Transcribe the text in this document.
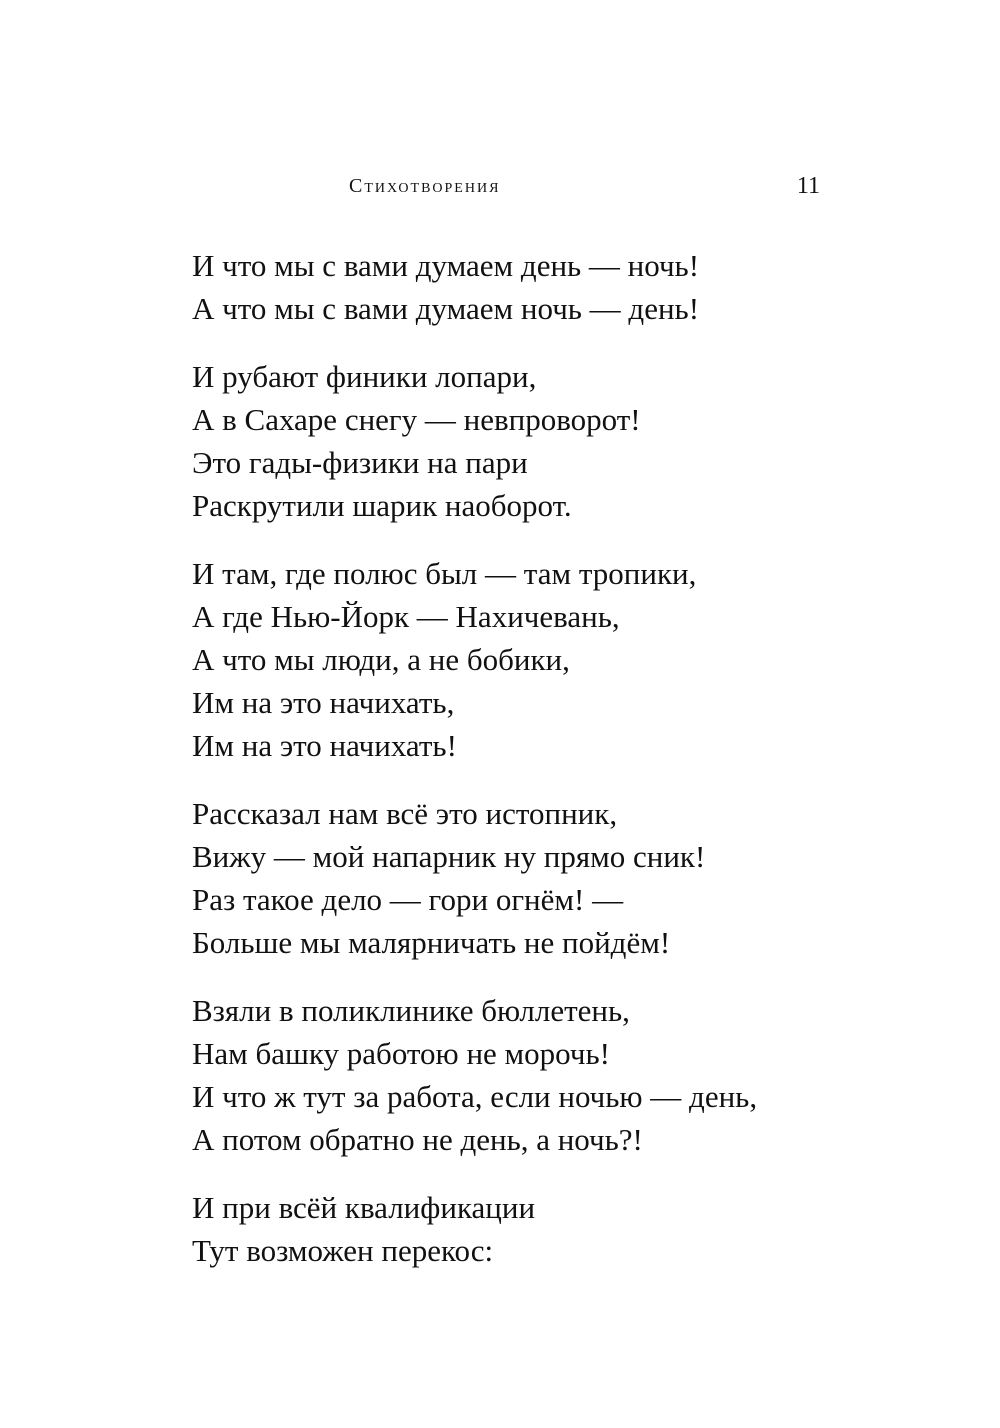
Стихотворения	11
И что мы с вами думаем день — ночь!
А что мы с вами думаем ночь — день!
И рубают финики лопари,
А в Сахаре снегу — невпроворот!
Это гады-физики на пари
Раскрутили шарик наоборот.
И там, где полюс был — там тропики,
А где Нью-Йорк — Нахичевань,
А что мы люди, а не бобики,
Им на это начихать,
Им на это начихать!
Рассказал нам всё это истопник,
Вижу — мой напарник ну прямо сник!
Раз такое дело — гори огнём! —
Больше мы малярничать не пойдём!
Взяли в поликлинике бюллетень,
Нам башку работою не морочь!
И что ж тут за работа, если ночью — день,
А потом обратно не день, а ночь?!
И при всёй квалификации
Тут возможен перекос:
